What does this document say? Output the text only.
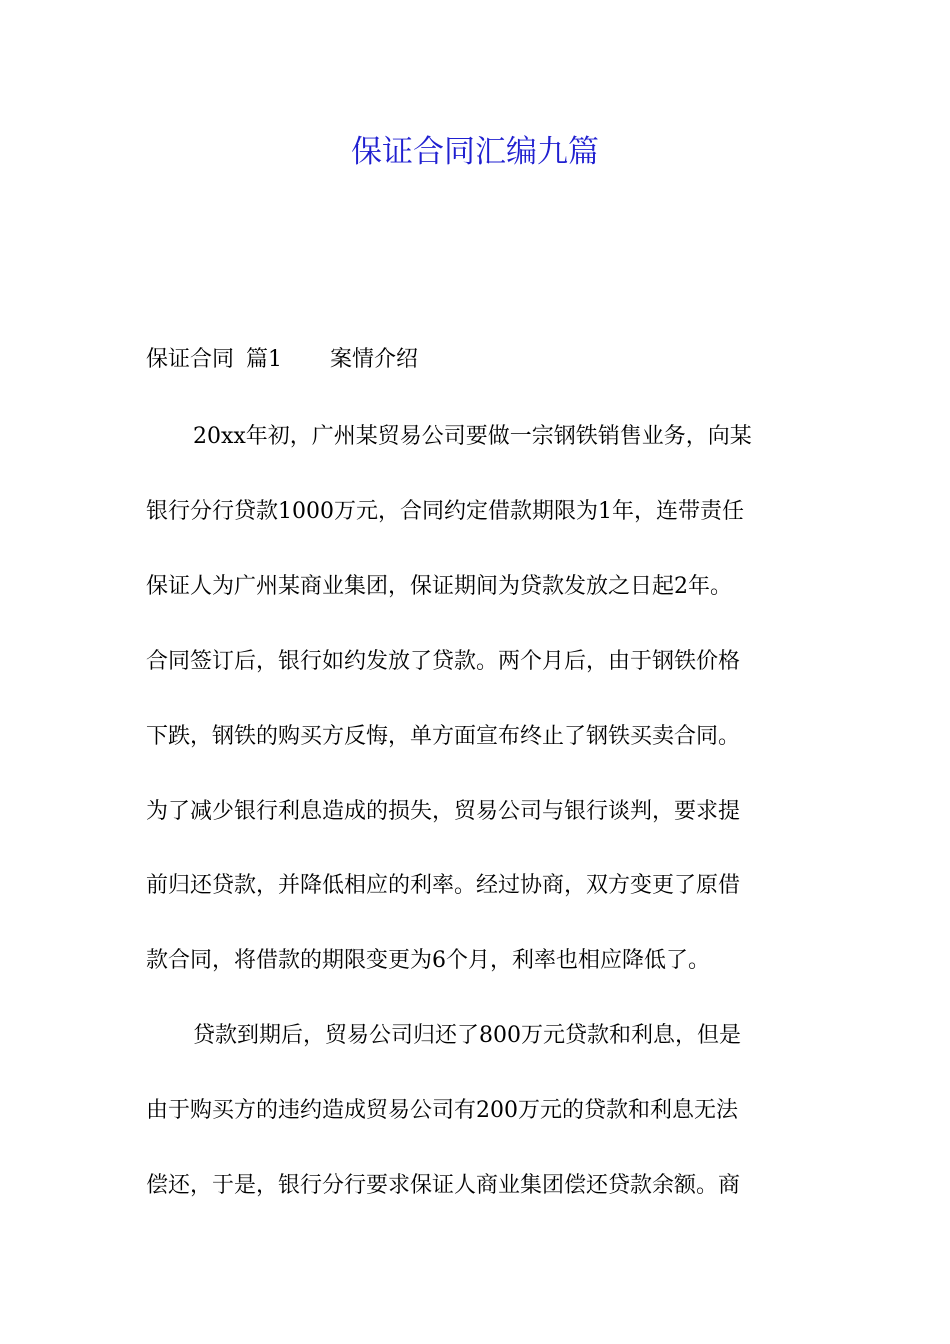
保证合同汇编九篇
保证合同 篇1 案情介绍
20xx年初，广州某贸易公司要做一宗钢铁销售业务，向某
银行分行贷款1000万元，合同约定借款期限为1年，连带责任
保证人为广州某商业集团，保证期间为贷款发放之日起2年。
合同签订后，银行如约发放了贷款。两个月后，由于钢铁价格
下跌，钢铁的购买方反悔，单方面宣布终止了钢铁买卖合同。
为了减少银行利息造成的损失，贸易公司与银行谈判，要求提
前归还贷款，并降低相应的利率。经过协商，双方变更了原借
款合同，将借款的期限变更为6个月，利率也相应降低了。
贷款到期后，贸易公司归还了800万元贷款和利息，但是
由于购买方的违约造成贸易公司有200万元的贷款和利息无法
偿还，于是，银行分行要求保证人商业集团偿还贷款余额。商
